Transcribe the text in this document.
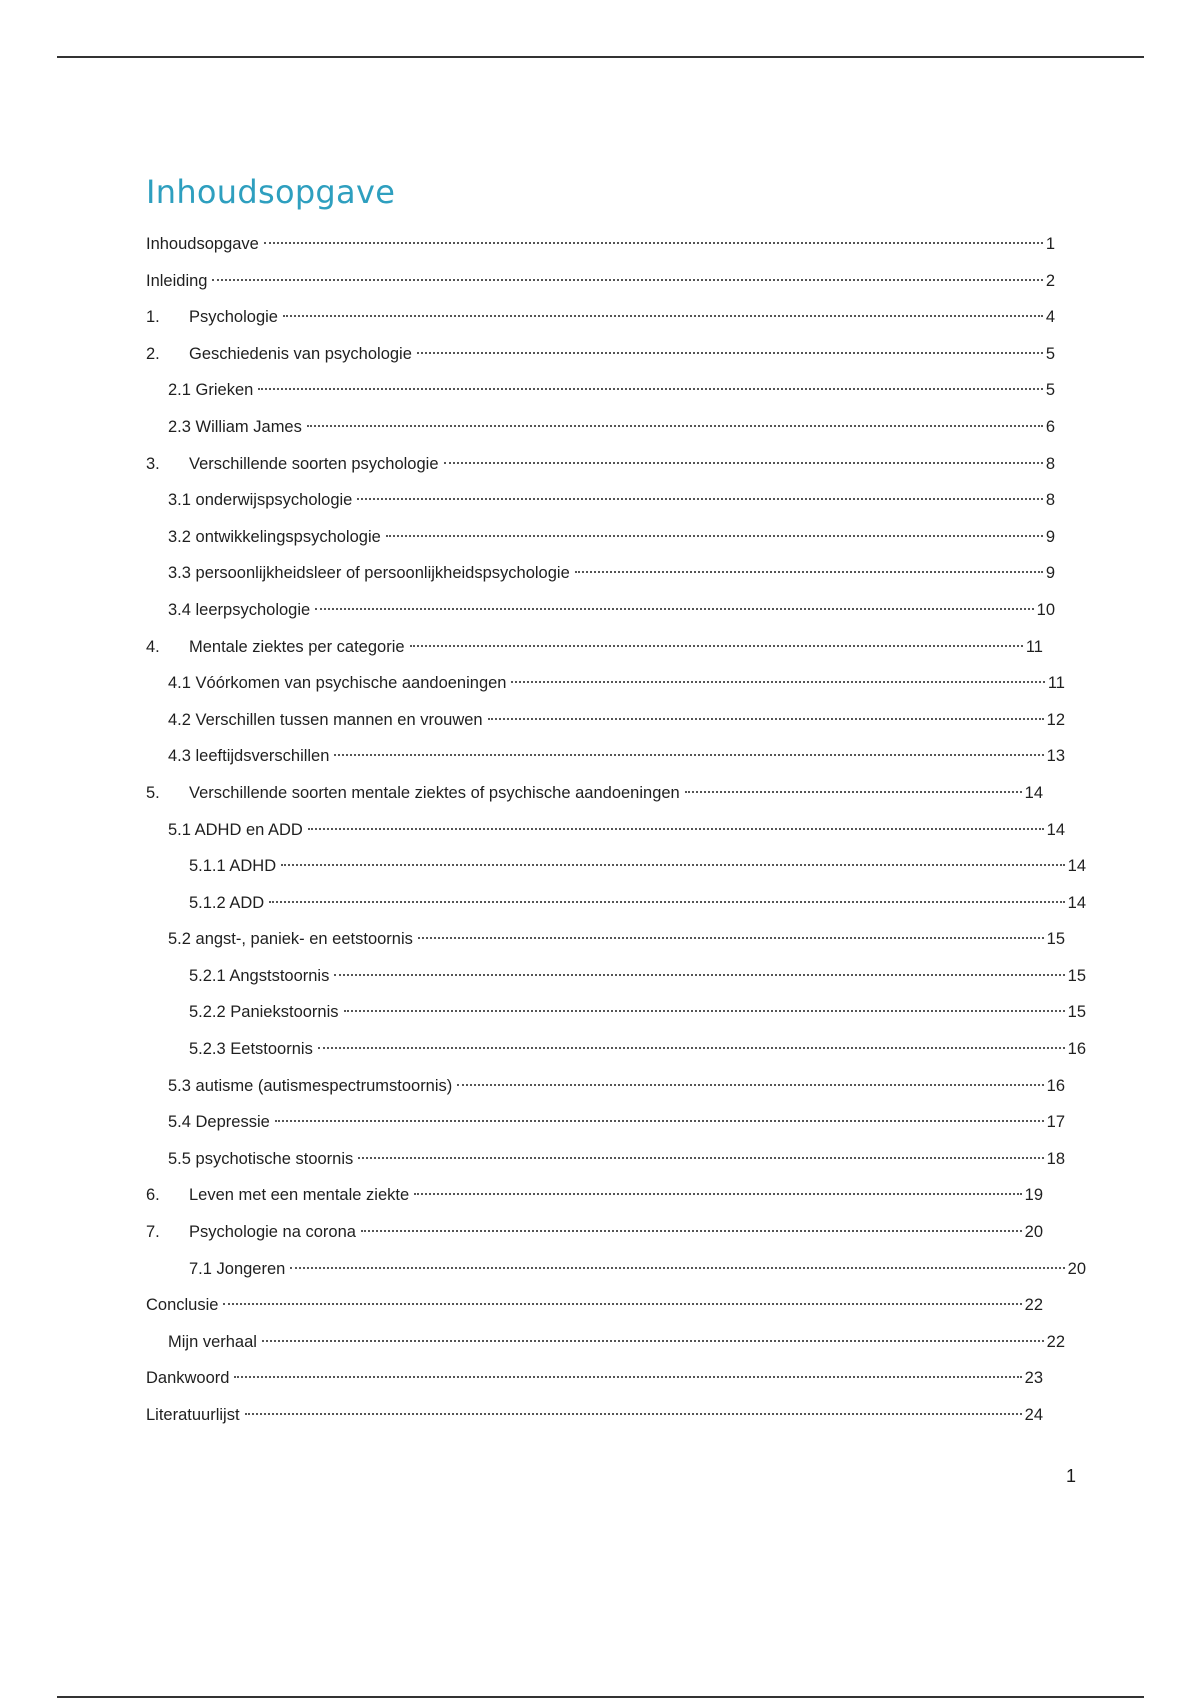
Inhoudsopgave
Inhoudsopgave	1
Inleiding	2
1.	Psychologie	4
2.	Geschiedenis van psychologie	5
2.1 Grieken	5
2.3 William James	6
3.	Verschillende soorten psychologie	8
3.1 onderwijspsychologie	8
3.2 ontwikkelingspsychologie	9
3.3 persoonlijkheidsleer of persoonlijkheidspsychologie	9
3.4 leerpsychologie	10
4.	Mentale ziektes per categorie	11
4.1 Vóórkomen van psychische aandoeningen	11
4.2 Verschillen tussen mannen en vrouwen	12
4.3 leeftijdsverschillen	13
5.	Verschillende soorten mentale ziektes of psychische aandoeningen	14
5.1 ADHD en ADD	14
5.1.1 ADHD	14
5.1.2 ADD	14
5.2 angst-, paniek- en eetstoornis	15
5.2.1 Angststoornis	15
5.2.2 Paniekstoornis	15
5.2.3 Eetstoornis	16
5.3 autisme (autismespectrumstoornis)	16
5.4 Depressie	17
5.5 psychotische stoornis	18
6.	Leven met een mentale ziekte	19
7.	Psychologie na corona	20
7.1 Jongeren	20
Conclusie	22
Mijn verhaal	22
Dankwoord	23
Literatuurlijst	24
1
